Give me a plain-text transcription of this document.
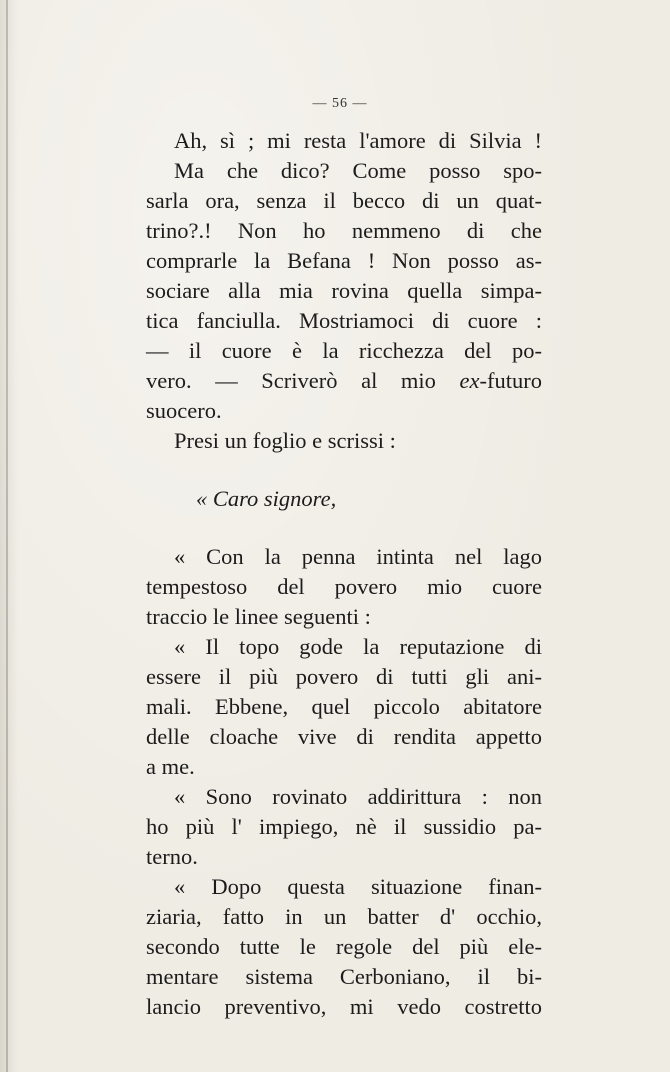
— 56 —
Ah, sì ; mi resta l'amore di Silvia !
Ma che dico? Come posso spo-
sarla ora, senza il becco di un quat-
trino?.! Non ho nemmeno di che
comprarle la Befana ! Non posso as-
sociare alla mia rovina quella simpa-
tica fanciulla. Mostriamoci di cuore :
— il cuore è la ricchezza del po-
vero. — Scriverò al mio ex-futuro
suocero.
Presi un foglio e scrissi :
« Caro signore,
« Con la penna intinta nel lago
tempestoso del povero mio cuore
traccio le linee seguenti :
« Il topo gode la reputazione di
essere il più povero di tutti gli ani-
mali. Ebbene, quel piccolo abitatore
delle cloache vive di rendita appetto
a me.
« Sono rovinato addirittura : non
ho più l' impiego, nè il sussidio pa-
terno.
« Dopo questa situazione finan-
ziaria, fatto in un batter d' occhio,
secondo tutte le regole del più ele-
mentare sistema Cerboniano, il bi-
lancio preventivo, mi vedo costretto
